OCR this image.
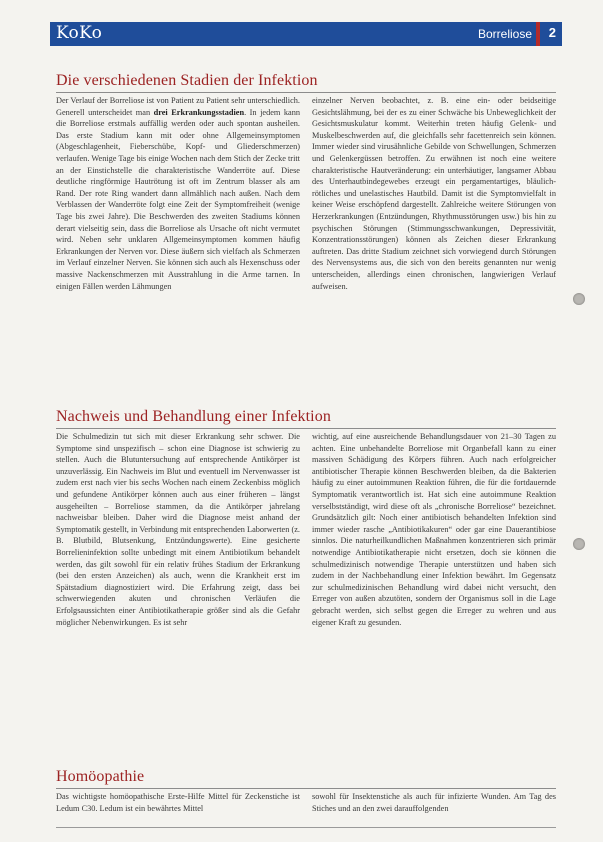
KoKo	Borreliose 2
Die verschiedenen Stadien der Infektion

Der Verlauf der Borreliose ist von Patient zu Patient sehr unterschiedlich. Generell unterscheidet man drei Erkrankungsstadien. In jedem kann die Borreliose erstmals auffällig werden oder auch spontan ausheilen. Das erste Stadium kann mit oder ohne Allgemeinsymptomen (Abgeschlagenheit, Fieberschübe, Kopf- und Gliederschmerzen) verlaufen. Wenige Tage bis einige Wochen nach dem Stich der Zecke tritt an der Einstichstelle die charakteristische Wanderröte auf. Diese deutliche ringförmige Hautrötung ist oft im Zentrum blasser als am Rand. Der rote Ring wandert dann allmählich nach außen. Nach dem Verblassen der Wanderröte folgt eine Zeit der Symptomfreiheit (wenige Tage bis zwei Jahre). Die Beschwerden des zweiten Stadiums können derart vielseitig sein, dass die Borreliose als Ursache oft nicht vermutet wird. Neben sehr unklaren Allgemeinsymptomen kommen häufig Erkrankungen der Nerven vor. Diese äußern sich vielfach als Schmerzen im Verlauf einzelner Nerven. Sie können sich auch als Hexenschuss oder massive Nackenschmerzen mit Ausstrahlung in die Arme tarnen. In einigen Fällen werden Lähmungen

einzelner Nerven beobachtet, z. B. eine ein- oder beidseitige Gesichtslähmung, bei der es zu einer Schwäche bis Unbeweglichkeit der Gesichtsmuskulatur kommt. Weiterhin treten häufig Gelenk- und Muskelbeschwerden auf, die gleichfalls sehr facettenreich sein können. Immer wieder sind virusähnliche Gebilde von Schwellungen, Schmerzen und Gelenkergüssen betroffen. Zu erwähnen ist noch eine weitere charakteristische Hautveränderung: ein unterhäutiger, langsamer Abbau des Unterhautbindegewebes erzeugt ein pergamentartiges, bläulich-rötliches und unelastisches Hautbild. Damit ist die Symptomvielfalt in keiner Weise erschöpfend dargestellt. Zahlreiche weitere Störungen von Herzerkrankungen (Entzündungen, Rhythmusstörungen usw.) bis hin zu psychischen Störungen (Stimmungsschwankungen, Depressivität, Konzentrationsstörungen) können als Zeichen dieser Erkrankung auftreten. Das dritte Stadium zeichnet sich vorwiegend durch Störungen des Nervensystems aus, die sich von den bereits genannten nur wenig unterscheiden, allerdings einen chronischen, langwierigen Verlauf aufweisen.

Nachweis und Behandlung einer Infektion

Die Schulmedizin tut sich mit dieser Erkrankung sehr schwer. Die Symptome sind unspezifisch – schon eine Diagnose ist schwierig zu stellen. Auch die Blutuntersuchung auf entsprechende Antikörper ist unzuverlässig. Ein Nachweis im Blut und eventuell im Nervenwasser ist zudem erst nach vier bis sechs Wochen nach einem Zeckenbiss möglich und gefundene Antikörper können auch aus einer früheren – längst ausgeheilten – Borreliose stammen, da die Antikörper jahrelang nachweisbar bleiben. Daher wird die Diagnose meist anhand der Symptomatik gestellt, in Verbindung mit entsprechenden Laborwerten (z. B. Blutbild, Blutsenkung, Entzündungswerte). Eine gesicherte Borrelieninfektion sollte unbedingt mit einem Antibiotikum behandelt werden, das gilt sowohl für ein relativ frühes Stadium der Erkrankung (bei den ersten Anzeichen) als auch, wenn die Krankheit erst im Spätstadium diagnostiziert wird. Die Erfahrung zeigt, dass bei schwerwiegenden akuten und chronischen Verläufen die Erfolgsaussichten einer Antibiotikatherapie größer sind als die Gefahr möglicher Nebenwirkungen. Es ist sehr

wichtig, auf eine ausreichende Behandlungsdauer von 21–30 Tagen zu achten. Eine unbehandelte Borreliose mit Organbefall kann zu einer massiven Schädigung des Körpers führen. Auch nach erfolgreicher antibiotischer Therapie können Beschwerden bleiben, da die Bakterien häufig zu einer autoimmunen Reaktion führen, die für die fortdauernde Symptomatik verantwortlich ist. Hat sich eine autoimmune Reaktion verselbstständigt, wird diese oft als „chronische Borreliose“ bezeichnet. Grundsätzlich gilt: Noch einer antibiotisch behandelten Infektion sind immer wieder rasche „Antibiotikakuren“ oder gar eine Dauerantibiose sinnlos. Die naturheilkundlichen Maßnahmen konzentrieren sich primär notwendige Antibiotikatherapie nicht ersetzen, doch sie können die schulmedizinisch notwendige Therapie unterstützen und haben sich zudem in der Nachbehandlung einer Infektion bewährt. Im Gegensatz zur schulmedizinischen Behandlung wird dabei nicht versucht, den Erreger von außen abzutöten, sondern der Organismus soll in die Lage gebracht werden, sich selbst gegen die Erreger zu wehren und aus eigener Kraft zu gesunden.

Homöopathie

Das wichtigste homöopathische Erste-Hilfe Mittel für Zeckenstiche ist Ledum C30. Ledum ist ein bewährtes Mittel

sowohl für Insektenstiche als auch für infizierte Wunden. Am Tag des Stiches und an den zwei darauffolgenden
